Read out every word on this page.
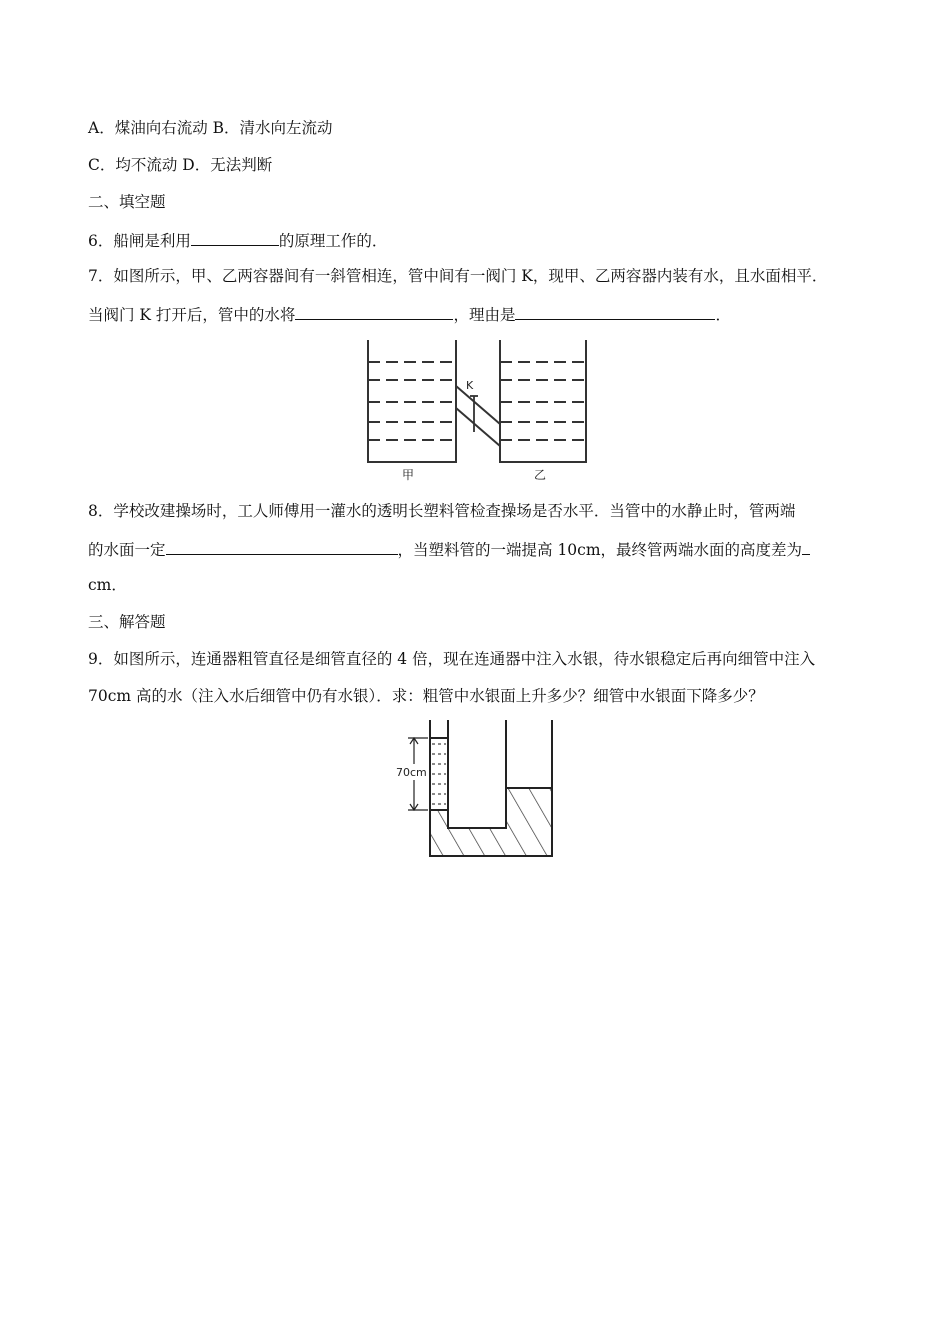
A．煤油向右流动 B．清水向左流动
C．均不流动 D．无法判断
二、填空题
6．船闸是利用	的原理工作的．
7．如图所示，甲、乙两容器间有一斜管相连，管中间有一阀门 K，现甲、乙两容器内装有水，且水面相平．
当阀门 K 打开后，管中的水将	，理由是	．
K
甲	乙
8．学校改建操场时，工人师傅用一灌水的透明长塑料管检查操场是否水平．当管中的水静止时，管两端
的水面一定	，当塑料管的一端提高 10cm，最终管两端水面的高度差为
cm．
三、解答题
9．如图所示，连通器粗管直径是细管直径的 4 倍，现在连通器中注入水银，待水银稳定后再向细管中注入
70cm 高的水（注入水后细管中仍有水银）．求：粗管中水银面上升多少？细管中水银面下降多少？
70cm
